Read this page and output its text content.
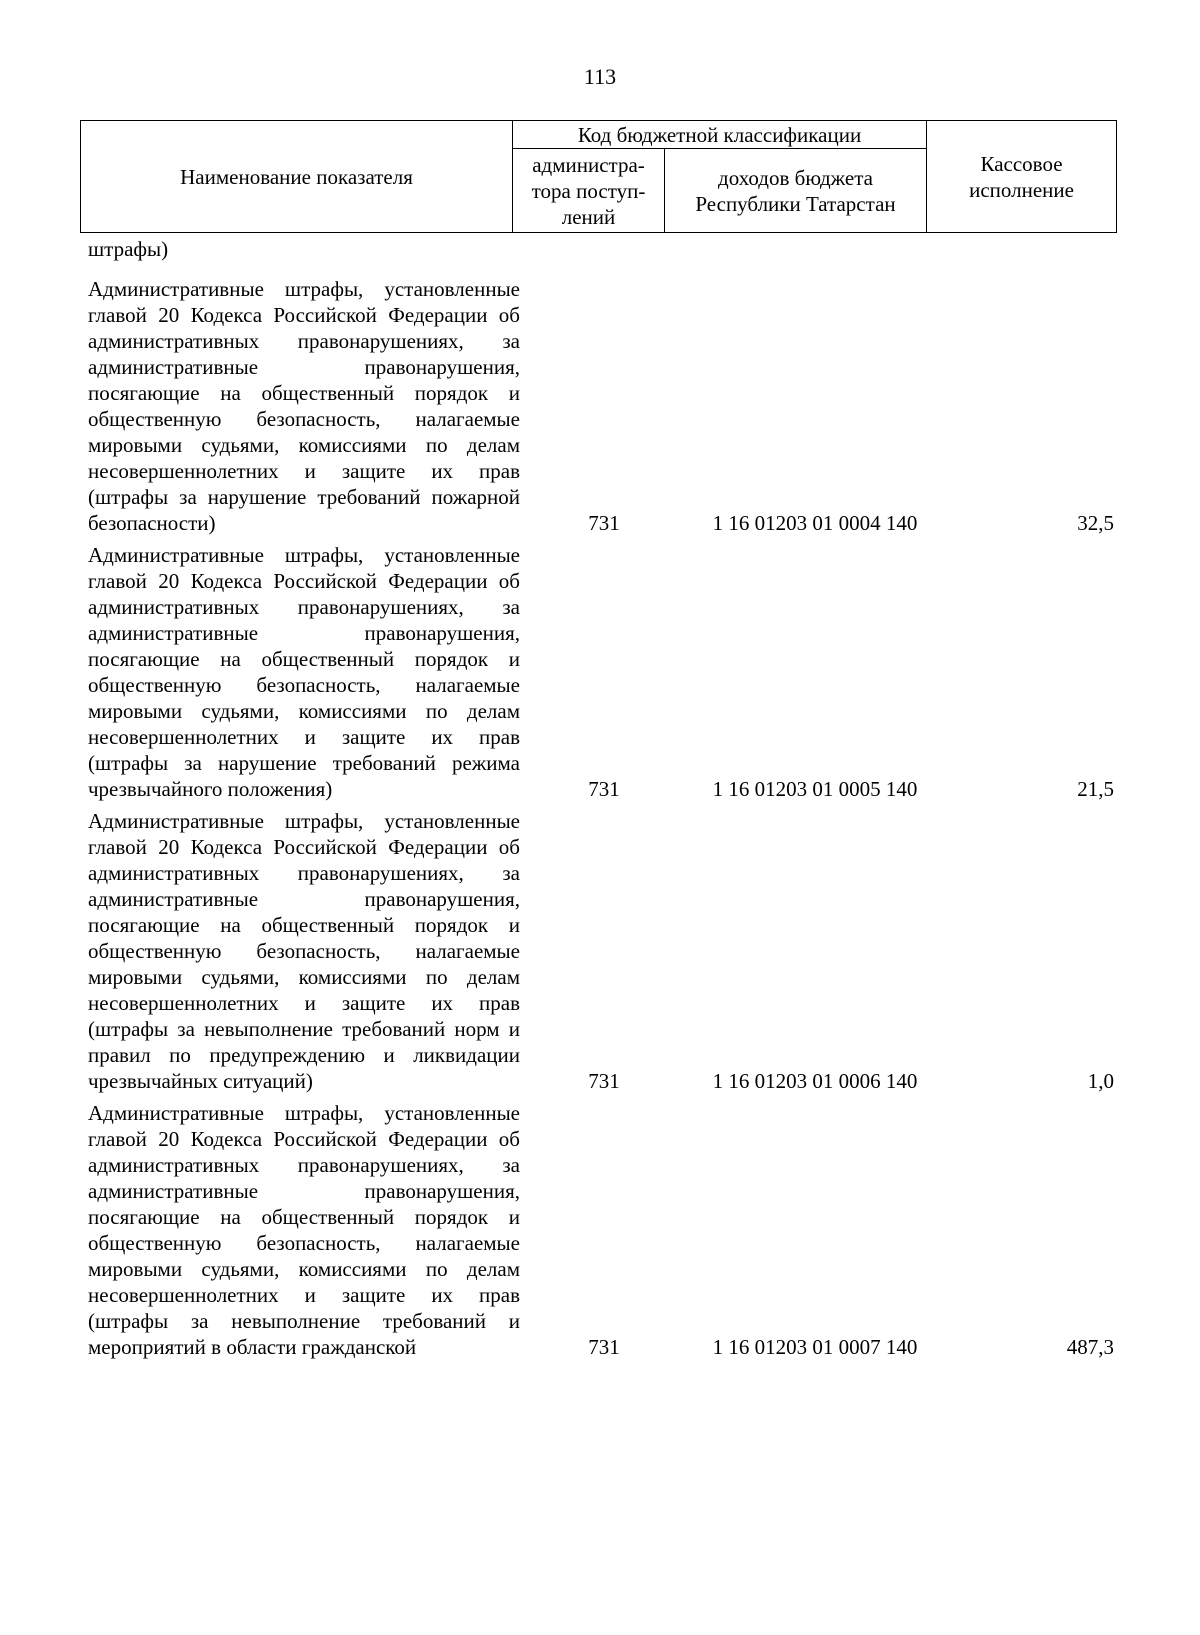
113
Наименование показателя	Код бюджетной классификации		Кассовое исполнение
	администра-тора поступ-лений	доходов бюджета Республики Татарстан	
штрафы)
Административные штрафы, установленные главой 20 Кодекса Российской Федерации об административных правонарушениях, за административные правонарушения, посягающие на общественный порядок и общественную безопасность, налагаемые мировыми судьями, комиссиями по делам несовершеннолетних и защите их прав (штрафы за нарушение требований пожарной безопасности)	731	1 16 01203 01 0004 140	32,5
Административные штрафы, установленные главой 20 Кодекса Российской Федерации об административных правонарушениях, за административные правонарушения, посягающие на общественный порядок и общественную безопасность, налагаемые мировыми судьями, комиссиями по делам несовершеннолетних и защите их прав (штрафы за нарушение требований режима чрезвычайного положения)	731	1 16 01203 01 0005 140	21,5
Административные штрафы, установленные главой 20 Кодекса Российской Федерации об административных правонарушениях, за административные правонарушения, посягающие на общественный порядок и общественную безопасность, налагаемые мировыми судьями, комиссиями по делам несовершеннолетних и защите их прав (штрафы за невыполнение требований норм и правил по предупреждению и ликвидации чрезвычайных ситуаций)	731	1 16 01203 01 0006 140	1,0
Административные штрафы, установленные главой 20 Кодекса Российской Федерации об административных правонарушениях, за административные правонарушения, посягающие на общественный порядок и общественную безопасность, налагаемые мировыми судьями, комиссиями по делам несовершеннолетних и защите их прав (штрафы за невыполнение требований и мероприятий в области гражданской	731	1 16 01203 01 0007 140	487,3
